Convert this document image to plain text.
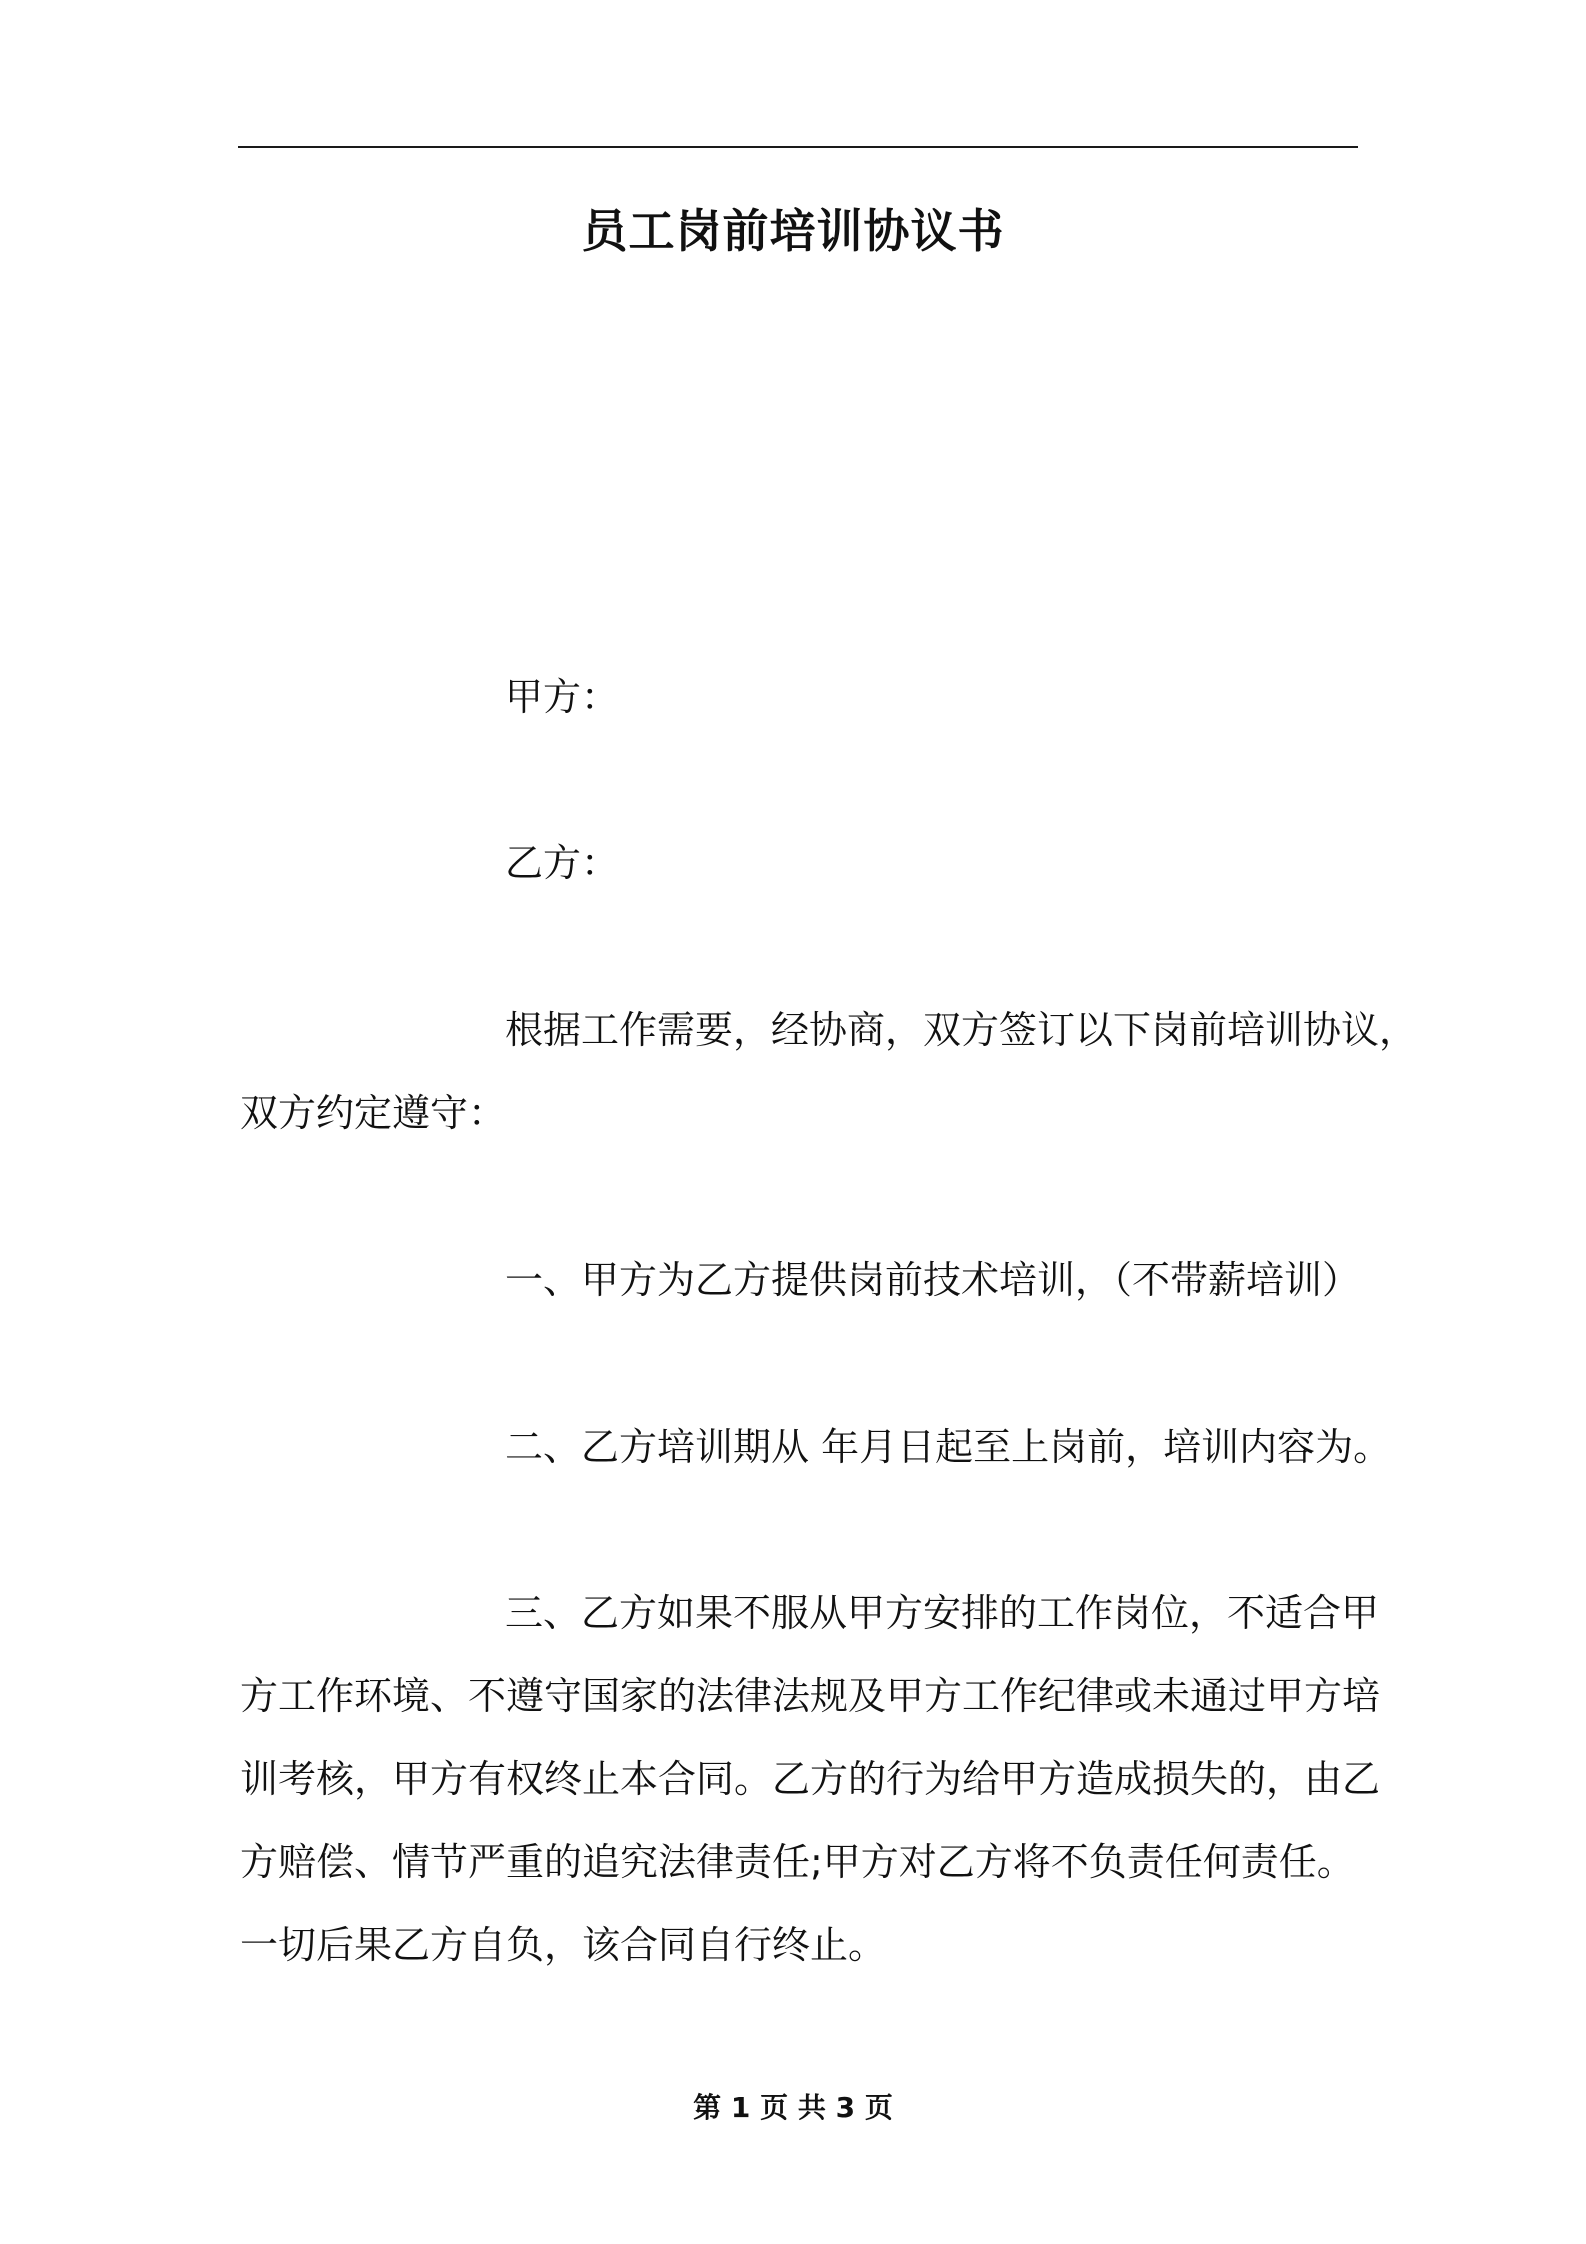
员工岗前培训协议书
甲方：
乙方：
根据工作需要，经协商，双方签订以下岗前培训协议，
双方约定遵守：
一、甲方为乙方提供岗前技术培训，（不带薪培训）
二、乙方培训期从 年月日起至上岗前，培训内容为。
三、乙方如果不服从甲方安排的工作岗位，不适合甲
方工作环境、不遵守国家的法律法规及甲方工作纪律或未通过甲方培
训考核，甲方有权终止本合同。乙方的行为给甲方造成损失的，由乙
方赔偿、情节严重的追究法律责任;甲方对乙方将不负责任何责任。
一切后果乙方自负，该合同自行终止。
第 1 页 共 3 页
